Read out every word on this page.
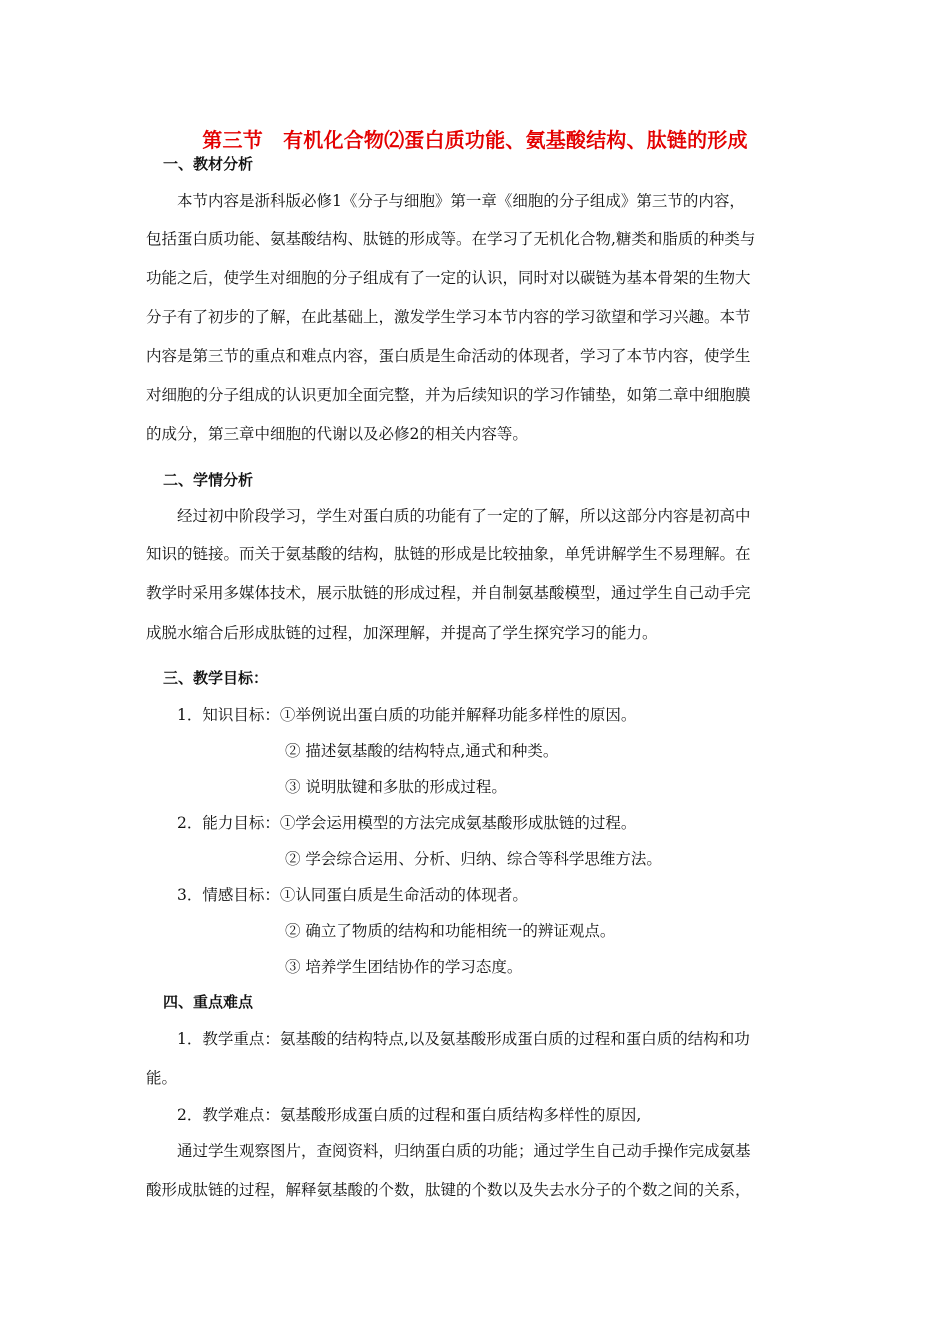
第三节　有机化合物⑵蛋白质功能、氨基酸结构、肽链的形成
一、教材分析
本节内容是浙科版必修1《分子与细胞》第一章《细胞的分子组成》第三节的内容，
包括蛋白质功能、氨基酸结构、肽链的形成等。在学习了无机化合物,糖类和脂质的种类与
功能之后，使学生对细胞的分子组成有了一定的认识，同时对以碳链为基本骨架的生物大
分子有了初步的了解，在此基础上，激发学生学习本节内容的学习欲望和学习兴趣。本节
内容是第三节的重点和难点内容，蛋白质是生命活动的体现者，学习了本节内容，使学生
对细胞的分子组成的认识更加全面完整，并为后续知识的学习作铺垫，如第二章中细胞膜
的成分，第三章中细胞的代谢以及必修2的相关内容等。
二、学情分析
经过初中阶段学习，学生对蛋白质的功能有了一定的了解，所以这部分内容是初高中
知识的链接。而关于氨基酸的结构，肽链的形成是比较抽象，单凭讲解学生不易理解。在
教学时采用多媒体技术，展示肽链的形成过程，并自制氨基酸模型，通过学生自己动手完
成脱水缩合后形成肽链的过程，加深理解，并提高了学生探究学习的能力。
三、教学目标：
1．知识目标：①举例说出蛋白质的功能并解释功能多样性的原因。
② 描述氨基酸的结构特点,通式和种类。
③ 说明肽键和多肽的形成过程。
2．能力目标：①学会运用模型的方法完成氨基酸形成肽链的过程。
② 学会综合运用、分析、归纳、综合等科学思维方法。
3．情感目标：①认同蛋白质是生命活动的体现者。
② 确立了物质的结构和功能相统一的辨证观点。
③ 培养学生团结协作的学习态度。
四、重点难点
1．教学重点：氨基酸的结构特点,以及氨基酸形成蛋白质的过程和蛋白质的结构和功
能。
2．教学难点：氨基酸形成蛋白质的过程和蛋白质结构多样性的原因,
通过学生观察图片，查阅资料，归纳蛋白质的功能；通过学生自己动手操作完成氨基
酸形成肽链的过程，解释氨基酸的个数，肽键的个数以及失去水分子的个数之间的关系，
